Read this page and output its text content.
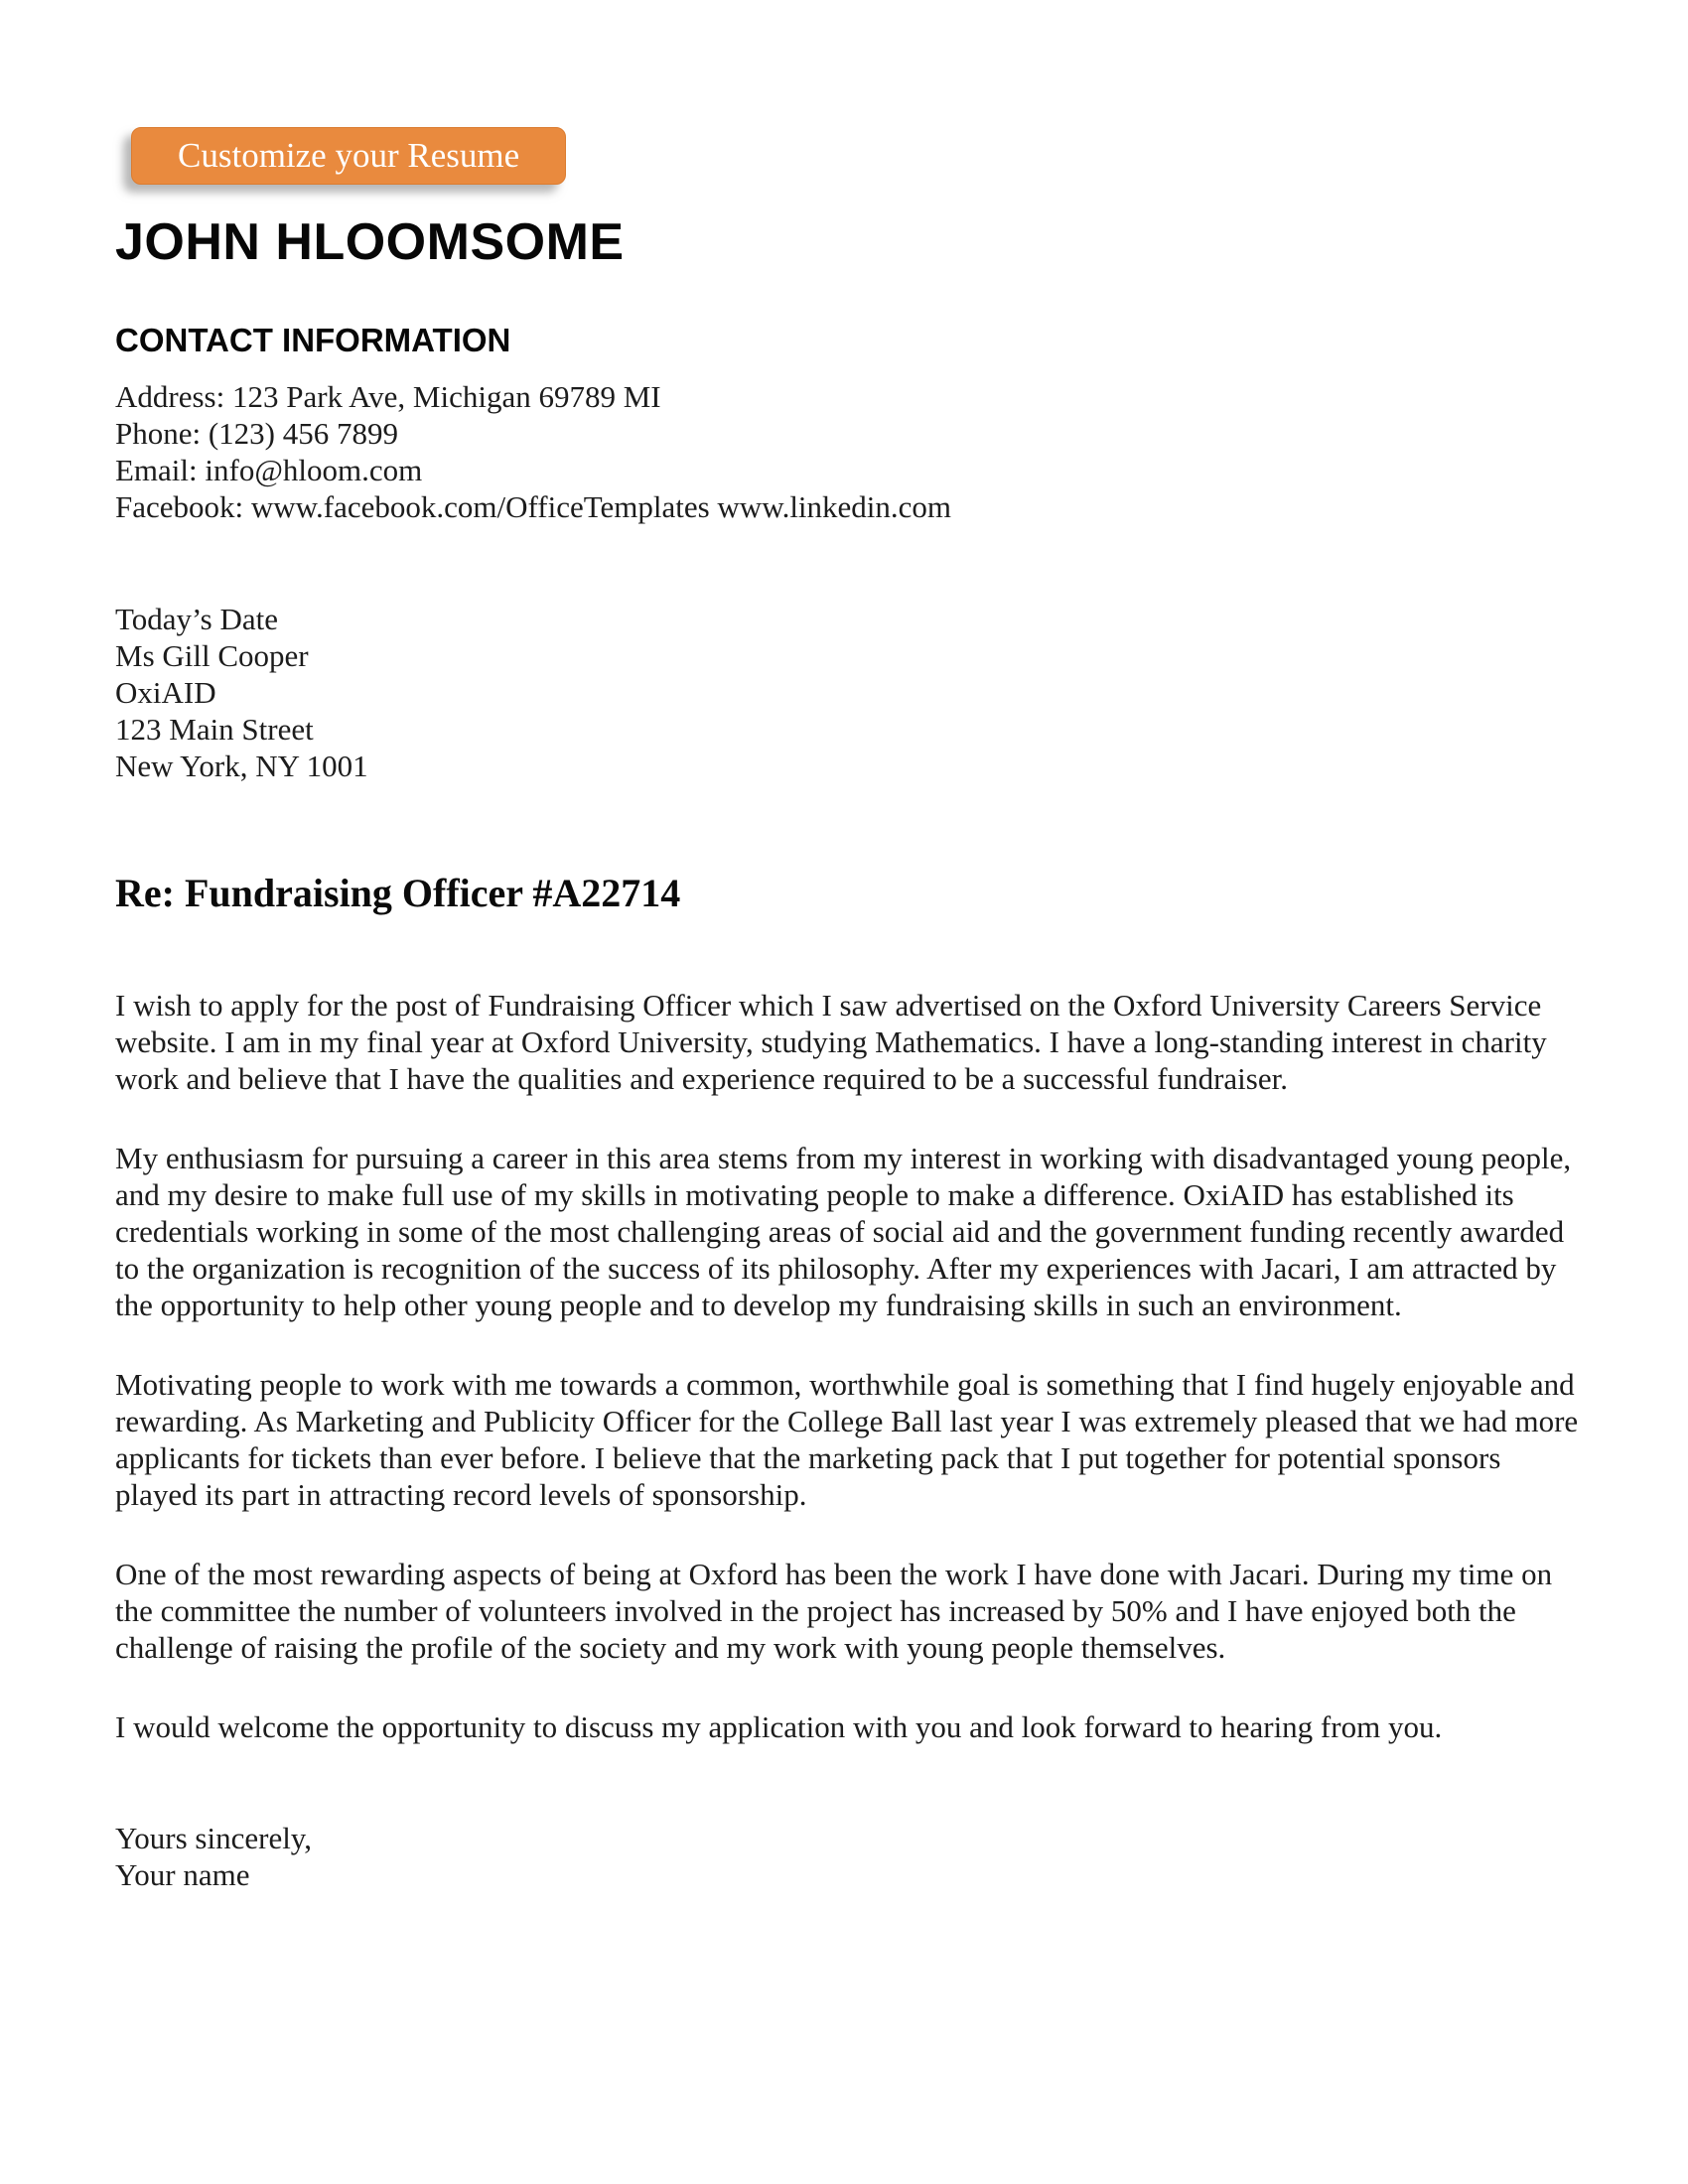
Customize your Resume
JOHN HLOOMSOME
CONTACT INFORMATION
Address: 123 Park Ave, Michigan 69789 MI
Phone: (123) 456 7899
Email: info@hloom.com
Facebook: www.facebook.com/OfficeTemplates www.linkedin.com
Today’s Date
Ms Gill Cooper
OxiAID
123 Main Street
New York, NY 1001
Re: Fundraising Officer #A22714

I wish to apply for the post of Fundraising Officer which I saw advertised on the Oxford University Careers Service website. I am in my final year at Oxford University, studying Mathematics. I have a long-standing interest in charity work and believe that I have the qualities and experience required to be a successful fundraiser.

My enthusiasm for pursuing a career in this area stems from my interest in working with disadvantaged young people, and my desire to make full use of my skills in motivating people to make a difference. OxiAID has established its credentials working in some of the most challenging areas of social aid and the government funding recently awarded to the organization is recognition of the success of its philosophy. After my experiences with Jacari, I am attracted by the opportunity to help other young people and to develop my fundraising skills in such an environment.

Motivating people to work with me towards a common, worthwhile goal is something that I find hugely enjoyable and rewarding. As Marketing and Publicity Officer for the College Ball last year I was extremely pleased that we had more applicants for tickets than ever before. I believe that the marketing pack that I put together for potential sponsors played its part in attracting record levels of sponsorship.

One of the most rewarding aspects of being at Oxford has been the work I have done with Jacari. During my time on the committee the number of volunteers involved in the project has increased by 50% and I have enjoyed both the challenge of raising the profile of the society and my work with young people themselves.

I would welcome the opportunity to discuss my application with you and look forward to hearing from you.

Yours sincerely,
Your name
